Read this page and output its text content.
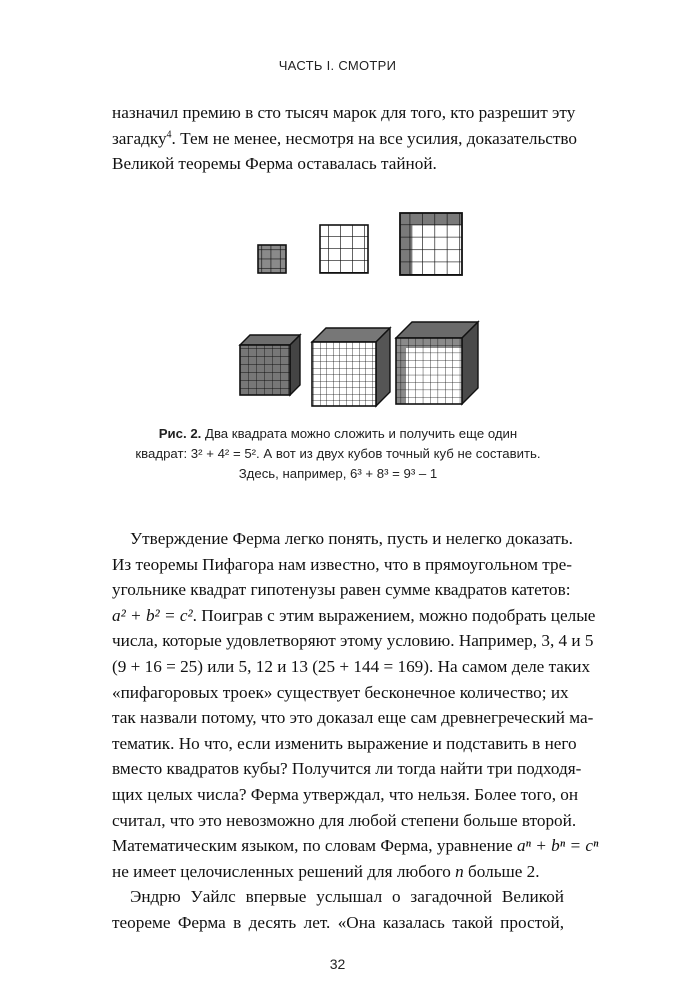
ЧАСТЬ I. СМОТРИ
назначил премию в сто тысяч марок для того, кто разрешит эту
загадку$^4$. Тем не менее, несмотря на все усилия, доказательство
Великой теоремы Ферма оставалась тайной.
Рис. 2. Два квадрата можно сложить и получить еще один
квадрат: 3² + 4² = 5². А вот из двух кубов точный куб не составить.
Здесь, например, 6³ + 8³ = 9³ – 1
Утверждение Ферма легко понять, пусть и нелегко доказать.
Из теоремы Пифагора нам известно, что в прямоугольном тре-
угольнике квадрат гипотенузы равен сумме квадратов катетов:
a² + b² = c². Поиграв с этим выражением, можно подобрать целые
числа, которые удовлетворяют этому условию. Например, 3, 4 и 5
(9 + 16 = 25) или 5, 12 и 13 (25 + 144 = 169). На самом деле таких
«пифагоровых троек» существует бесконечное количество; их
так назвали потому, что это доказал еще сам древнегреческий ма-
тематик. Но что, если изменить выражение и подставить в него
вместо квадратов кубы? Получится ли тогда найти три подходя-
щих целых числа? Ферма утверждал, что нельзя. Более того, он
считал, что это невозможно для любой степени больше второй.
Математическим языком, по словам Ферма, уравнение aⁿ + bⁿ = cⁿ
не имеет целочисленных решений для любого n больше 2.
Эндрю Уайлс впервые услышал о загадочной Великой
теореме Ферма в десять лет. «Она казалась такой простой,
32
